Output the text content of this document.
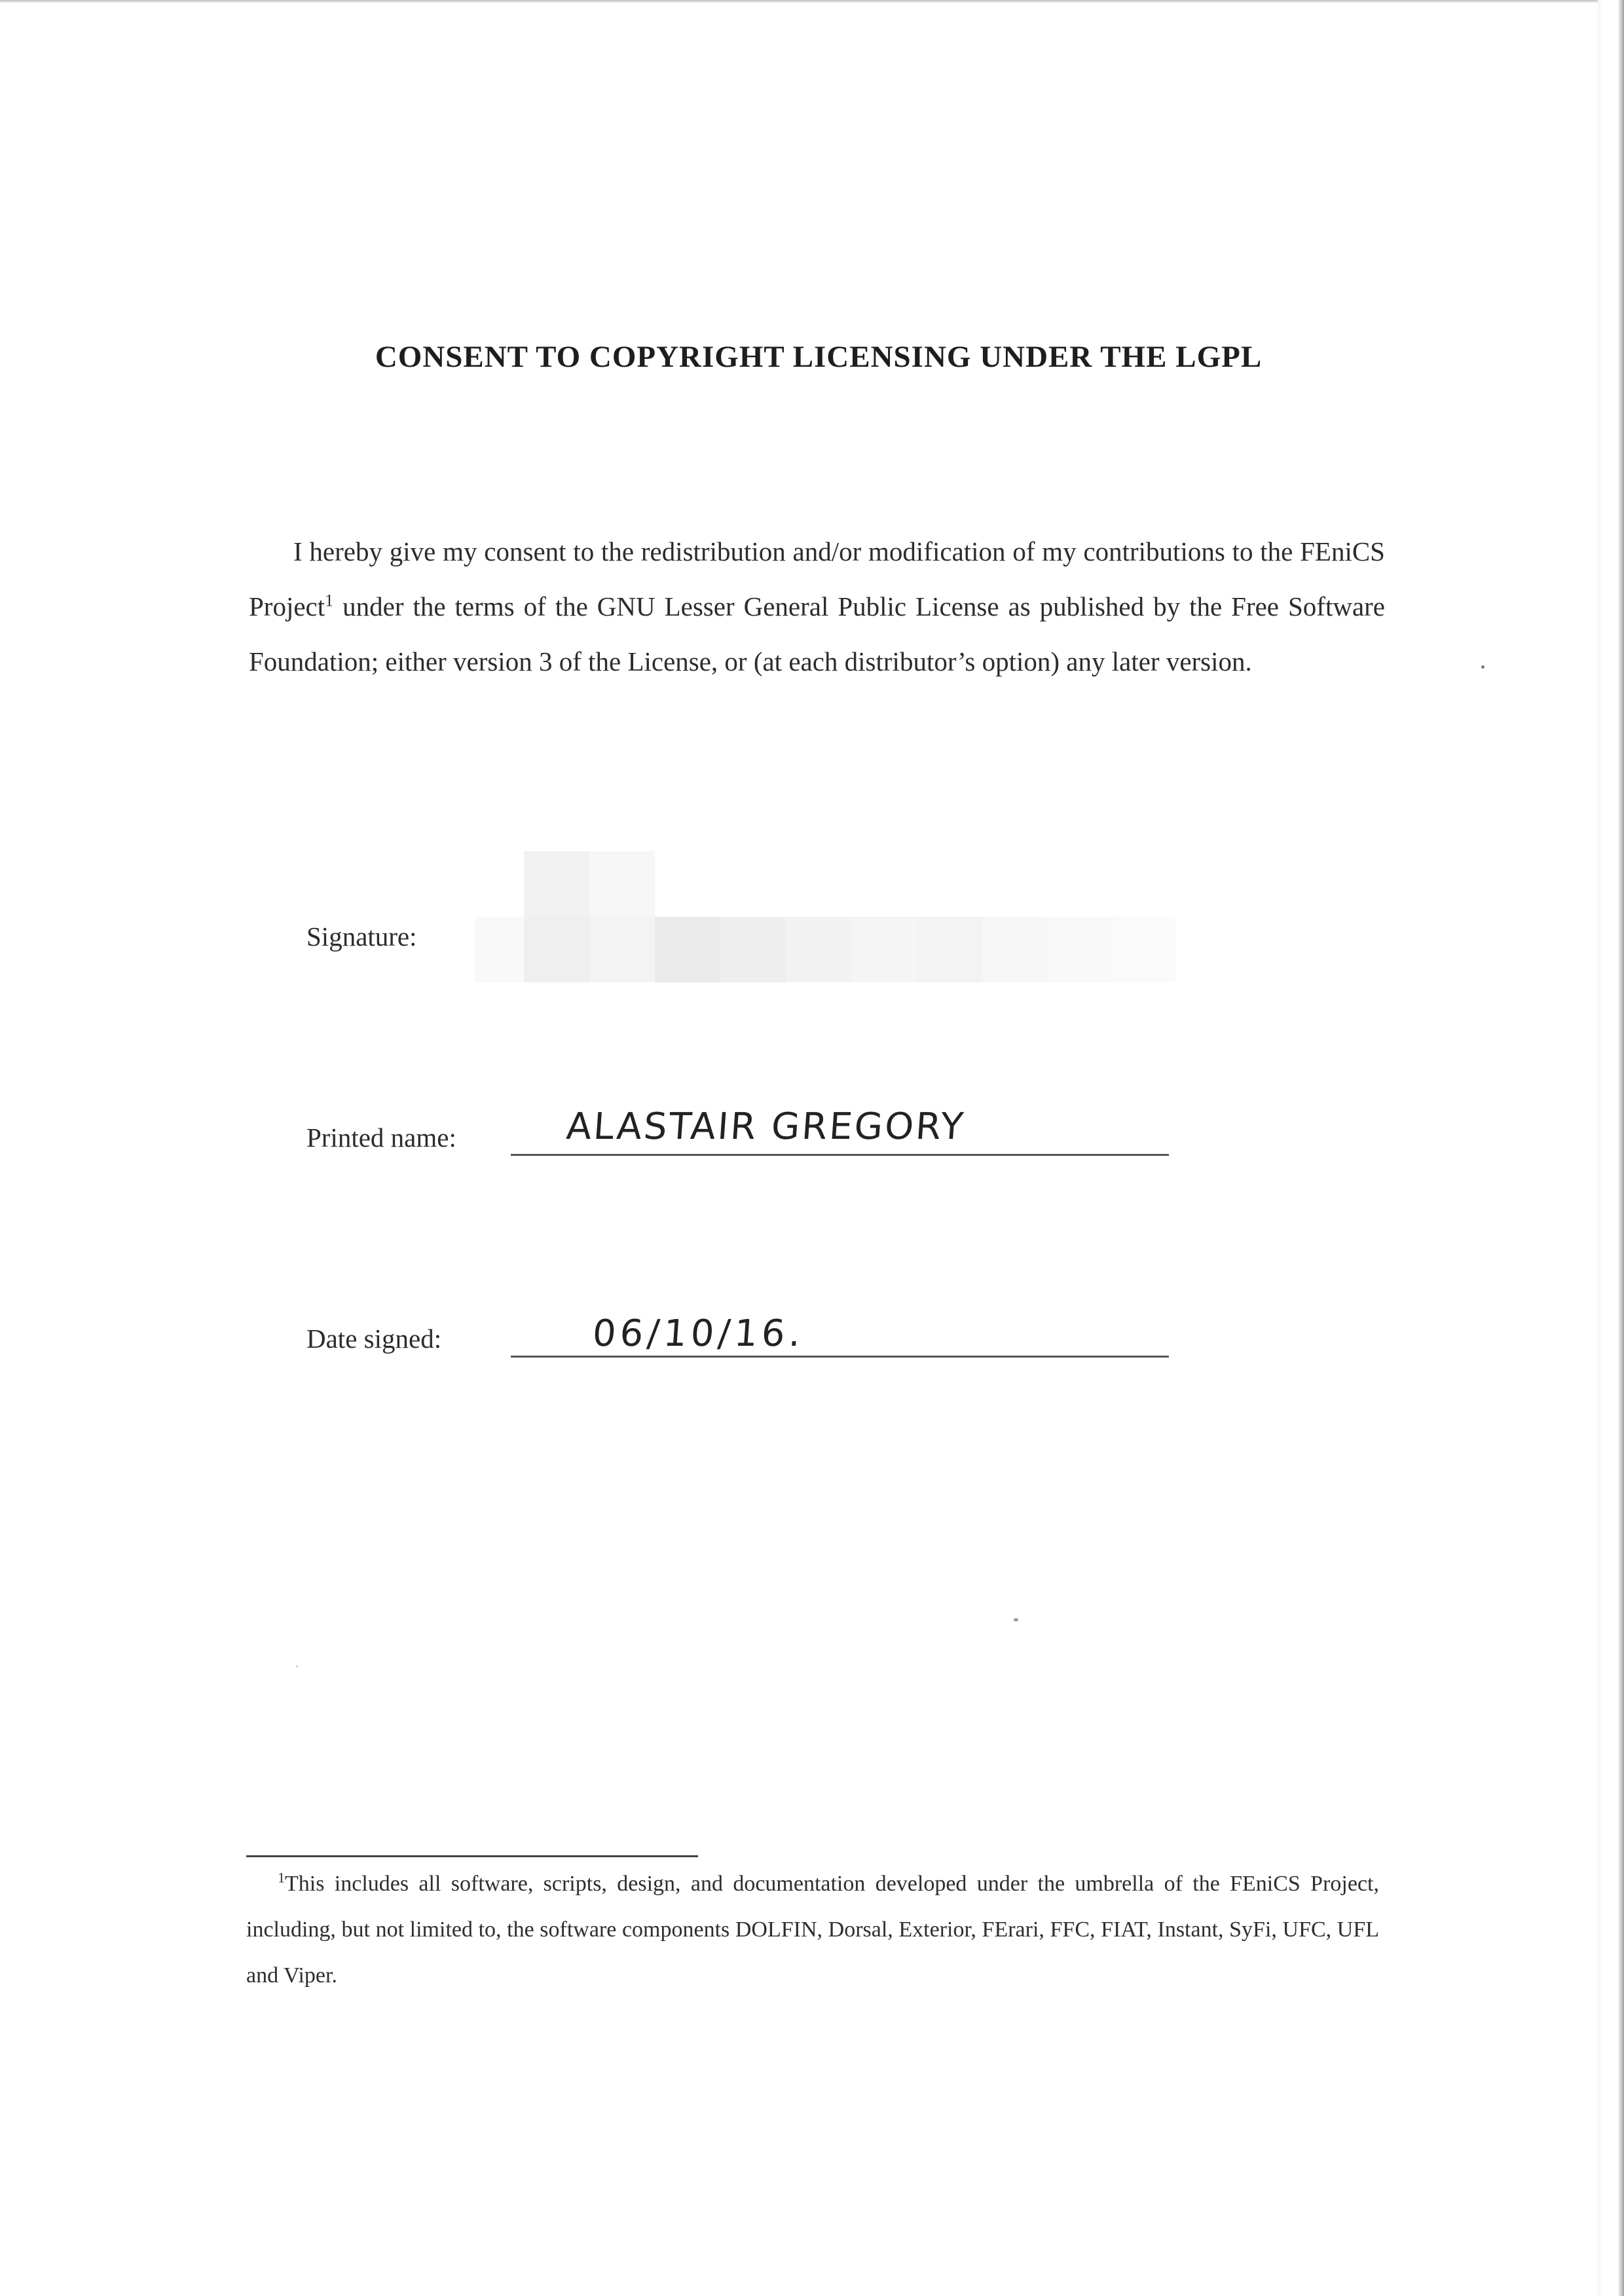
CONSENT TO COPYRIGHT LICENSING UNDER THE LGPL

I hereby give my consent to the redistribution and/or modification of my contributions to the FEniCS Project$^1$ under the terms of the GNU Lesser General Public License as published by the Free Software Foundation; either version 3 of the License, or (at each distributor’s option) any later version.

Signature:
Printed name:	ALASTAIR GREGORY
Date signed:	06/10/16.

$^1$This includes all software, scripts, design, and documentation developed under the umbrella of the FEniCS Project, including, but not limited to, the software components DOLFIN, Dorsal, Exterior, FErari, FFC, FIAT, Instant, SyFi, UFC, UFL and Viper.
